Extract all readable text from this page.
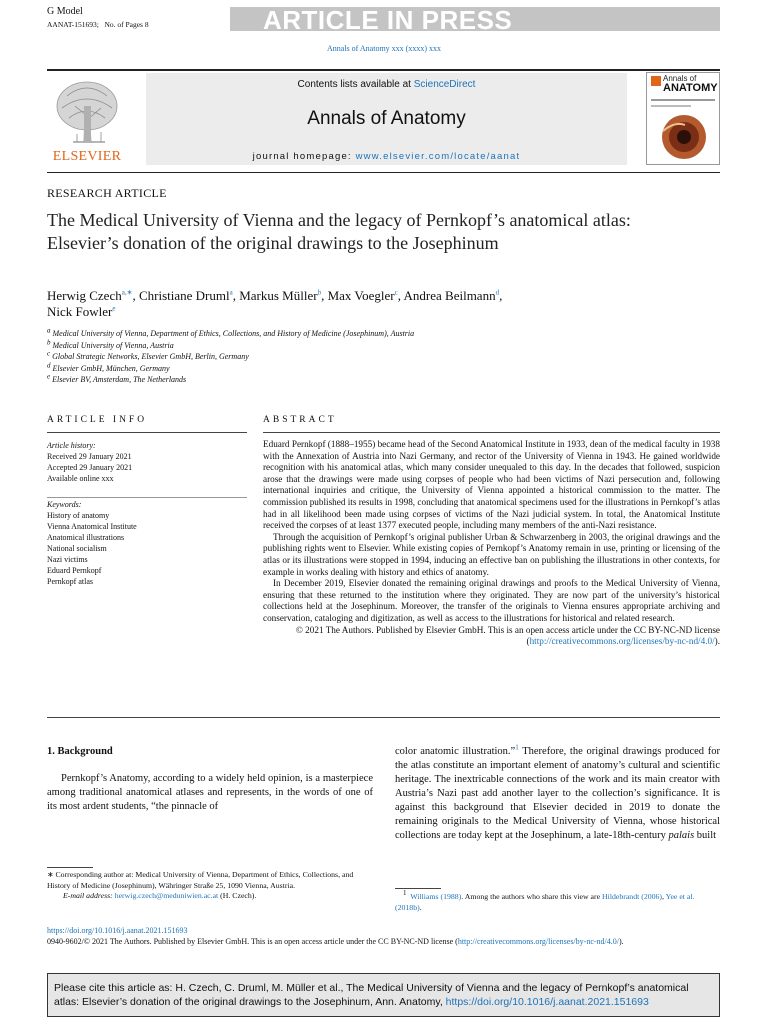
G Model
AANAT-151693; No. of Pages 8	ARTICLE IN PRESS
Annals of Anatomy xxx (xxxx) xxx
ELSEVIER
Contents lists available at ScienceDirect
Annals of Anatomy
journal homepage: www.elsevier.com/locate/aanat
Annals of
ANATOMY
RESEARCH ARTICLE
The Medical University of Vienna and the legacy of Pernkopf’s anatomical atlas: Elsevier’s donation of the original drawings to the Josephinum
Herwig Czech$^{a,∗}$, Christiane Druml$^a$, Markus Müller$^b$, Max Voegler$^c$, Andrea Beilmann$^d$,
Nick Fowler$^e$
a Medical University of Vienna, Department of Ethics, Collections, and History of Medicine (Josephinum), Austria
b Medical University of Vienna, Austria
c Global Strategic Networks, Elsevier GmbH, Berlin, Germany
d Elsevier GmbH, München, Germany
e Elsevier BV, Amsterdam, The Netherlands
ARTICLE INFO	ABSTRACT
Article history:
Received 29 January 2021
Accepted 29 January 2021
Available online xxx
Keywords:
History of anatomy
Vienna Anatomical Institute
Anatomical illustrations
National socialism
Nazi victims
Eduard Pernkopf
Pernkopf atlas

Eduard Pernkopf (1888–1955) became head of the Second Anatomical Institute in 1933, dean of the medical faculty in 1938 with the Annexation of Austria into Nazi Germany, and rector of the University of Vienna in 1943. He gained worldwide recognition with his anatomical atlas, which many consider unequaled to this day. In the decades that followed, suspicion arose that the drawings were made using corpses of people who had been victims of Nazi persecution and, following international inquiries and critique, the University of Vienna appointed a historical commission to the matter. The commission published its results in 1998, concluding that anatomical specimens used for the illustrations in Pernkopf’s atlas had in all likelihood been made using corpses of victims of the Nazi judicial system. In total, the Anatomical Institute received the corpses of at least 1377 executed people, including many members of the anti-Nazi resistance.

Through the acquisition of Pernkopf’s original publisher Urban & Schwarzenberg in 2003, the original drawings and the publishing rights went to Elsevier. While existing copies of Pernkopf’s Anatomy remain in use, printing or licensing of the atlas or its illustrations were stopped in 1994, inducing an effective ban on publishing the illustrations in other contexts, for example in works dealing with history and ethics of anatomy.

In December 2019, Elsevier donated the remaining original drawings and proofs to the Medical University of Vienna, ensuring that these returned to the institution where they originated. They are now part of the university’s historical collections held at the Josephinum. Moreover, the transfer of the originals to Vienna ensures appropriate archiving and conservation, cataloging and digitization, as well as access to the illustrations for historical and related research.

© 2021 The Authors. Published by Elsevier GmbH. This is an open access article under the CC BY-NC-ND license (http://creativecommons.org/licenses/by-nc-nd/4.0/).

1. Background
Pernkopf’s Anatomy, according to a widely held opinion, is a masterpiece among traditional anatomical atlases and represents, in the words of one of its most ardent students, “the pinnacle of
color anatomic illustration.”$^1$ Therefore, the original drawings produced for the atlas constitute an important element of anatomy’s cultural and scientific heritage. The inextricable connections of the work and its main creator with Austria’s Nazi past add another layer to the collection’s significance. It is against this background that Elsevier decided in 2019 to donate the remaining originals to the Medical University of Vienna, whose historical collections are today kept at the Josephinum, a late-18th-century palais built
∗ Corresponding author at: Medical University of Vienna, Department of Ethics, Collections, and History of Medicine (Josephinum), Währinger Straße 25, 1090 Vienna, Austria.
E-mail address: herwig.czech@meduniwien.ac.at (H. Czech).	1 Williams (1988). Among the authors who share this view are Hildebrandt (2006), Yee et al. (2018b).
https://doi.org/10.1016/j.aanat.2021.151693
0940-9602/© 2021 The Authors. Published by Elsevier GmbH. This is an open access article under the CC BY-NC-ND license (http://creativecommons.org/licenses/by-nc-nd/4.0/).
Please cite this article as: H. Czech, C. Druml, M. Müller et al., The Medical University of Vienna and the legacy of Pernkopf’s anatomical atlas: Elsevier’s donation of the original drawings to the Josephinum, Ann. Anatomy, https://doi.org/10.1016/j.aanat.2021.151693
